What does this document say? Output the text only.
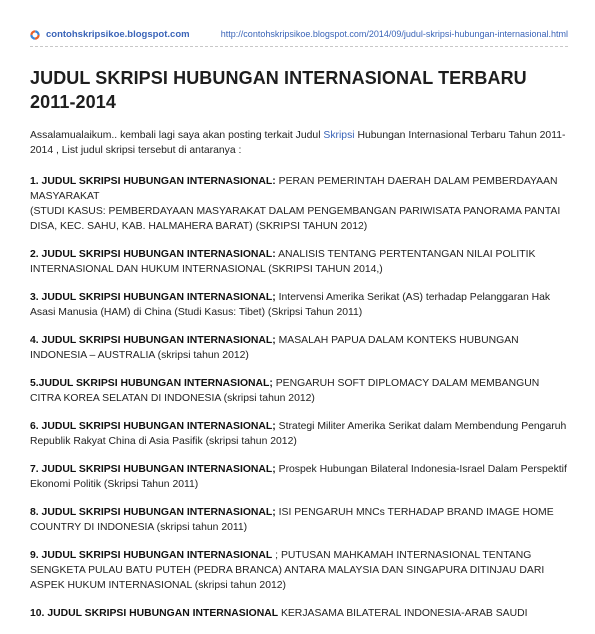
contohskripsikoe.blogspot.com	http://contohskripsikoe.blogspot.com/2014/09/judul-skripsi-hubungan-internasional.html
JUDUL SKRIPSI HUBUNGAN INTERNASIONAL TERBARU 2011-2014

Assalamualaikum.. kembali lagi saya akan posting terkait Judul Skripsi Hubungan Internasional Terbaru Tahun 2011-2014 , List judul skripsi tersebut di antaranya :

1. JUDUL SKRIPSI HUBUNGAN INTERNASIONAL: PERAN PEMERINTAH DAERAH DALAM PEMBERDAYAAN MASYARAKAT
(STUDI KASUS: PEMBERDAYAAN MASYARAKAT DALAM PENGEMBANGAN PARIWISATA PANORAMA PANTAI DISA, KEC. SAHU, KAB. HALMAHERA BARAT) (SKRIPSI TAHUN 2012)

2. JUDUL SKRIPSI HUBUNGAN INTERNASIONAL: ANALISIS TENTANG PERTENTANGAN NILAI POLITIK INTERNASIONAL DAN HUKUM INTERNASIONAL (SKRIPSI TAHUN 2014,)

3. JUDUL SKRIPSI HUBUNGAN INTERNASIONAL; Intervensi Amerika Serikat (AS) terhadap Pelanggaran Hak Asasi Manusia (HAM) di China (Studi Kasus: Tibet) (Skripsi Tahun 2011)

4. JUDUL SKRIPSI HUBUNGAN INTERNASIONAL; MASALAH PAPUA DALAM KONTEKS HUBUNGAN INDONESIA – AUSTRALIA (skripsi tahun 2012)

5.JUDUL SKRIPSI HUBUNGAN INTERNASIONAL; PENGARUH SOFT DIPLOMACY DALAM MEMBANGUN CITRA KOREA SELATAN DI INDONESIA (skripsi tahun 2012)

6. JUDUL SKRIPSI HUBUNGAN INTERNASIONAL; Strategi Militer Amerika Serikat dalam Membendung Pengaruh Republik Rakyat China di Asia Pasifik (skripsi tahun 2012)

7. JUDUL SKRIPSI HUBUNGAN INTERNASIONAL; Prospek Hubungan Bilateral Indonesia-Israel Dalam Perspektif Ekonomi Politik (Skripsi Tahun 2011)

8. JUDUL SKRIPSI HUBUNGAN INTERNASIONAL; ISI PENGARUH MNCs TERHADAP BRAND IMAGE HOME COUNTRY DI INDONESIA (skripsi tahun 2011)

9. JUDUL SKRIPSI HUBUNGAN INTERNASIONAL ; PUTUSAN MAHKAMAH INTERNASIONAL TENTANG SENGKETA PULAU BATU PUTEH (PEDRA BRANCA) ANTARA MALAYSIA DAN SINGAPURA DITINJAU DARI ASPEK HUKUM INTERNASIONAL (skripsi tahun 2012)

10. JUDUL SKRIPSI HUBUNGAN INTERNASIONAL KERJASAMA BILATERAL INDONESIA-ARAB SAUDI
